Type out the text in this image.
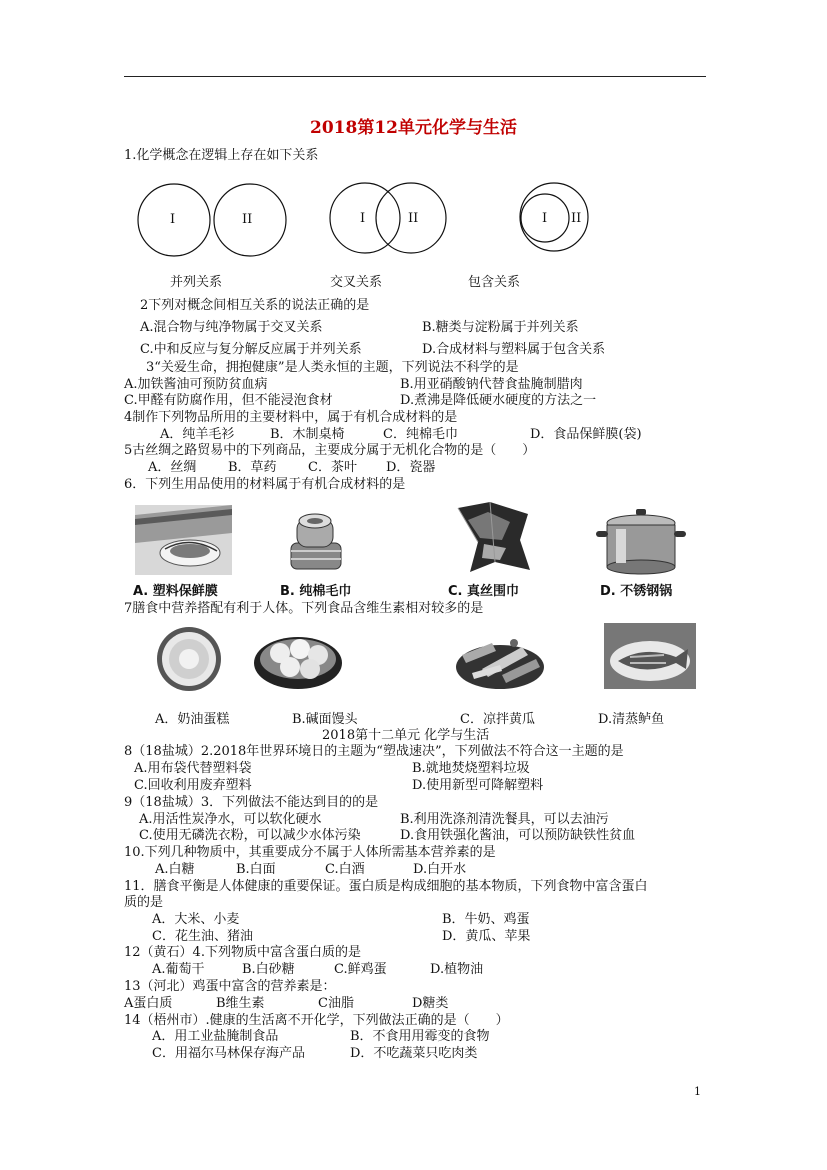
2018第12单元化学与生活
1.化学概念在逻辑上存在如下关系
I	II	I	II	I II
并列关系	交叉关系	包含关系
2下列对概念间相互关系的说法正确的是
A.混合物与纯净物属于交叉关系	B.糖类与淀粉属于并列关系
C.中和反应与复分解反应属于并列关系	D.合成材料与塑料属于包含关系
3“关爱生命，拥抱健康”是人类永恒的主题，下列说法不科学的是
A.加铁酱油可预防贫血病	B.用亚硝酸钠代替食盐腌制腊肉
C.甲醛有防腐作用，但不能浸泡食材	D.煮沸是降低硬水硬度的方法之一
4制作下列物品所用的主要材料中，属于有机合成材料的是
A．纯羊毛衫	B．木制桌椅	C．纯棉毛巾	D．食品保鲜膜(袋)
5古丝绸之路贸易中的下列商品，主要成分属于无机化合物的是（　　）
A．丝绸 B．草药 C．茶叶 D．瓷器
6．下列生用品使用的材料属于有机合成材料的是
A. 塑料保鲜膜	B. 纯棉毛巾	C. 真丝围巾	D. 不锈钢锅
7膳食中营养搭配有利于人体。下列食品含维生素相对较多的是
A．奶油蛋糕	B.碱面馒头	C．凉拌黄瓜	D.清蒸鲈鱼
2018第十二单元 化学与生活
8（18盐城）2.2018年世界环境日的主题为“塑战速决”，下列做法不符合这一主题的是
A.用布袋代替塑料袋	B.就地焚烧塑料垃圾
C.回收利用废弃塑料	D.使用新型可降解塑料
9（18盐城）3．下列做法不能达到目的的是
A.用活性炭净水，可以软化硬水	B.利用洗涤剂清洗餐具，可以去油污
C.使用无磷洗衣粉，可以减少水体污染	D.食用铁强化酱油，可以预防缺铁性贫血
10.下列几种物质中，其重要成分不属于人体所需基本营养素的是
A.白糖	B.白面	C.白酒	D.白开水
11．膳食平衡是人体健康的重要保证。蛋白质是构成细胞的基本物质，下列食物中富含蛋白
质的是
A．大米、小麦	B．牛奶、鸡蛋
C．花生油、猪油	D．黄瓜、苹果
12（黄石）4.下列物质中富含蛋白质的是
A.葡萄干	B.白砂糖	C.鲜鸡蛋	D.植物油
13（河北）鸡蛋中富含的营养素是：
A蛋白质	B维生素	C油脂	D糖类
14（梧州市）.健康的生活离不开化学，下列做法正确的是（　　）
A．用工业盐腌制食品	B．不食用用霉变的食物
C．用福尔马林保存海产品	D．不吃蔬菜只吃肉类
1
